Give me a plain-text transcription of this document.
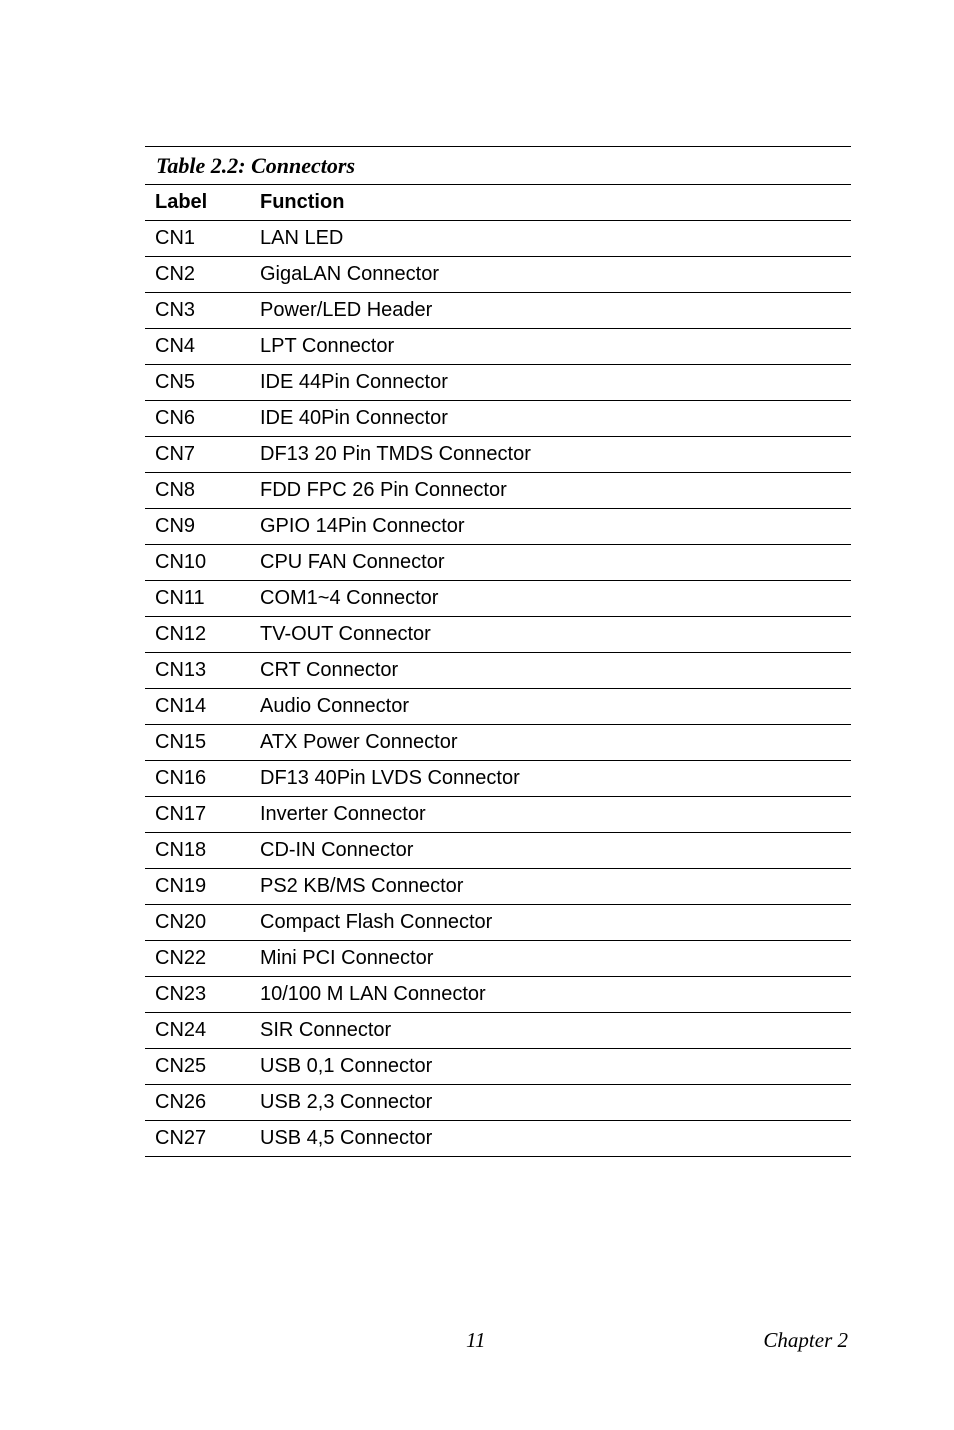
Table 2.2: Connectors
Label	Function
CN1	LAN LED
CN2	GigaLAN Connector
CN3	Power/LED Header
CN4	LPT Connector
CN5	IDE 44Pin Connector
CN6	IDE 40Pin Connector
CN7	DF13 20 Pin TMDS Connector
CN8	FDD FPC 26 Pin Connector
CN9	GPIO 14Pin Connector
CN10	CPU FAN Connector
CN11	COM1~4 Connector
CN12	TV-OUT Connector
CN13	CRT Connector
CN14	Audio Connector
CN15	ATX Power Connector
CN16	DF13 40Pin LVDS Connector
CN17	Inverter Connector
CN18	CD-IN Connector
CN19	PS2 KB/MS Connector
CN20	Compact Flash Connector
CN22	Mini PCI Connector
CN23	10/100 M LAN Connector
CN24	SIR Connector
CN25	USB 0,1 Connector
CN26	USB 2,3 Connector
CN27	USB 4,5 Connector
11	Chapter 2
